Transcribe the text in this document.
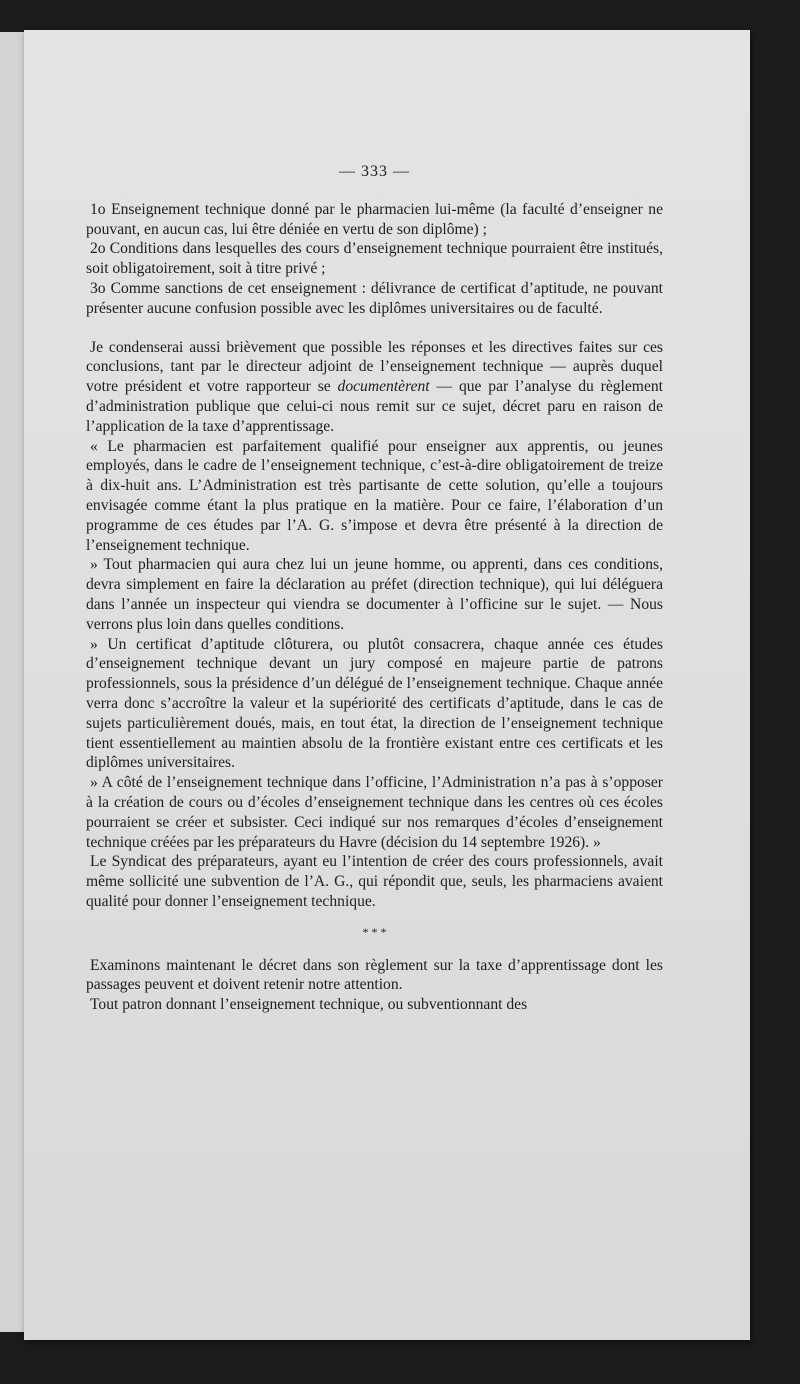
— 333 —

1o Enseignement technique donné par le pharmacien lui-même (la faculté d’enseigner ne pouvant, en aucun cas, lui être déniée en vertu de son diplôme) ;

2o Conditions dans lesquelles des cours d’enseignement technique pourraient être institués, soit obligatoirement, soit à titre privé ;

3o Comme sanctions de cet enseignement : délivrance de certificat d’aptitude, ne pouvant présenter aucune confusion possible avec les diplômes universitaires ou de faculté.

Je condenserai aussi brièvement que possible les réponses et les directives faites sur ces conclusions, tant par le directeur adjoint de l’enseignement technique — auprès duquel votre président et votre rapporteur se documentèrent — que par l’analyse du règlement d’administration publique que celui-ci nous remit sur ce sujet, décret paru en raison de l’application de la taxe d’apprentissage.

« Le pharmacien est parfaitement qualifié pour enseigner aux apprentis, ou jeunes employés, dans le cadre de l’enseignement technique, c’est-à-dire obligatoirement de treize à dix-huit ans. L’Administration est très partisante de cette solution, qu’elle a toujours envisagée comme étant la plus pratique en la matière. Pour ce faire, l’élaboration d’un programme de ces études par l’A. G. s’impose et devra être présenté à la direction de l’enseignement technique.

» Tout pharmacien qui aura chez lui un jeune homme, ou apprenti, dans ces conditions, devra simplement en faire la déclaration au préfet (direction technique), qui lui déléguera dans l’année un inspecteur qui viendra se documenter à l’officine sur le sujet. — Nous verrons plus loin dans quelles conditions.

» Un certificat d’aptitude clôturera, ou plutôt consacrera, chaque année ces études d’enseignement technique devant un jury composé en majeure partie de patrons professionnels, sous la présidence d’un délégué de l’enseignement technique. Chaque année verra donc s’accroître la valeur et la supériorité des certificats d’aptitude, dans le cas de sujets particulièrement doués, mais, en tout état, la direction de l’enseignement technique tient essentiellement au maintien absolu de la frontière existant entre ces certificats et les diplômes universitaires.

» A côté de l’enseignement technique dans l’officine, l’Administration n’a pas à s’opposer à la création de cours ou d’écoles d’enseignement technique dans les centres où ces écoles pourraient se créer et subsister. Ceci indiqué sur nos remarques d’écoles d’enseignement technique créées par les préparateurs du Havre (décision du 14 septembre 1926). »

Le Syndicat des préparateurs, ayant eu l’intention de créer des cours professionnels, avait même sollicité une subvention de l’A. G., qui répondit que, seuls, les pharmaciens avaient qualité pour donner l’enseignement technique.

* * *

Examinons maintenant le décret dans son règlement sur la taxe d’apprentissage dont les passages peuvent et doivent retenir notre attention.

Tout patron donnant l’enseignement technique, ou subventionnant des
